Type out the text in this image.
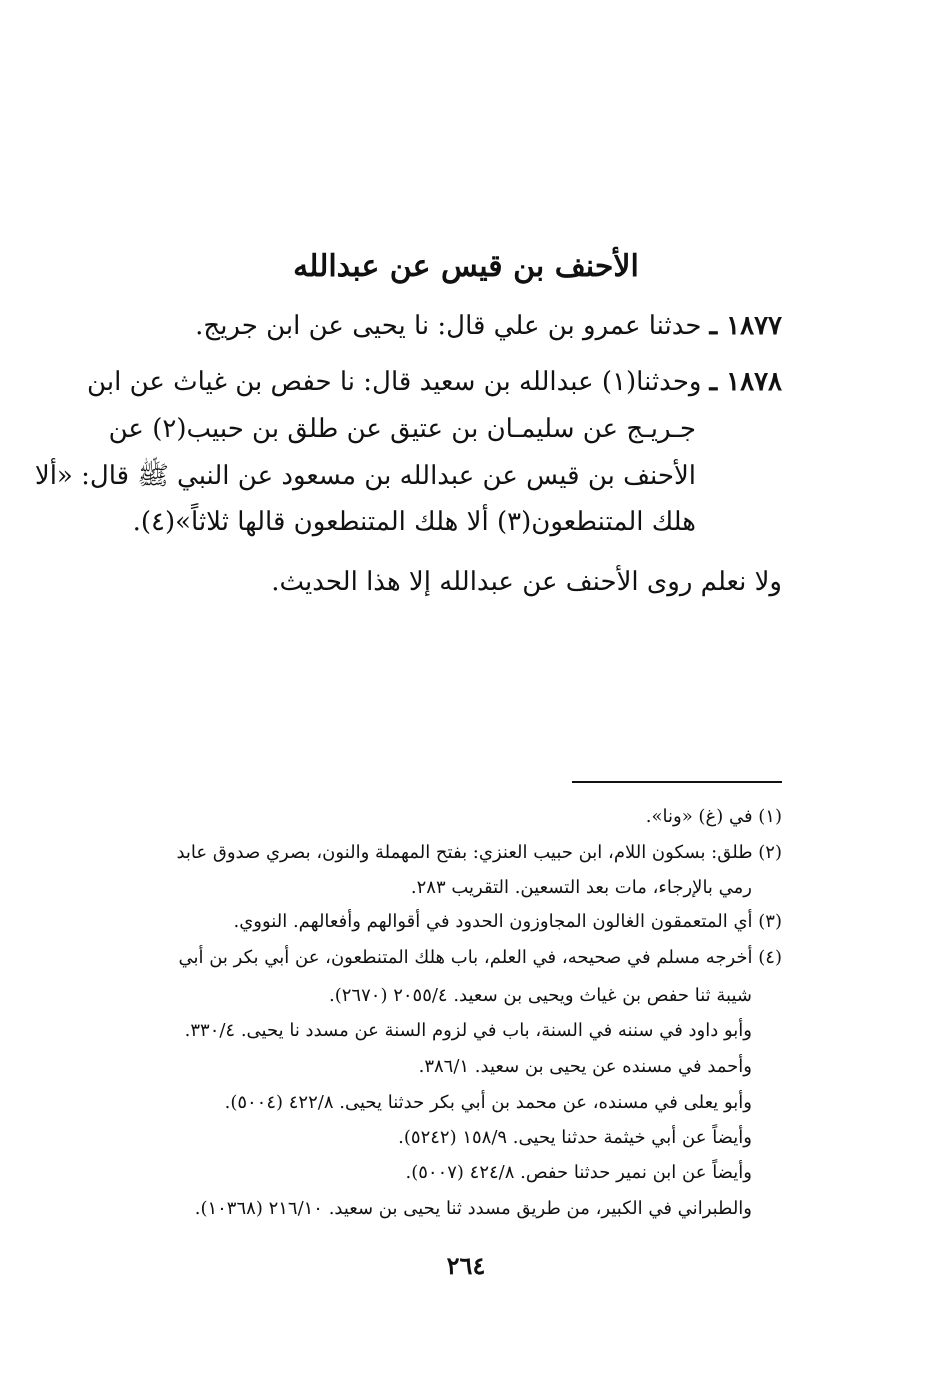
الأحنف بن قيس عن عبدالله
١٨٧٧ ـحدثنا عمرو بن علي قال: نا يحيى عن ابن جريج.
١٨٧٨ ـوحدثنا(١) عبدالله بن سعيد قال: نا حفص بن غياث عن ابن
جـريـج عن سليمـان بن عتيق عن طلق بن حبيب(٢) عن
الأحنف بن قيس عن عبدالله بن مسعود عن النبي ﷺ قال: «ألا
هلك المتنطعون(٣) ألا هلك المتنطعون قالها ثلاثاً»(٤).
ولا نعلم روى الأحنف عن عبدالله إلا هذا الحديث.
(١) في (غ) «ونا».
(٢) طلق: بسكون اللام، ابن حبيب العنزي: بفتح المهملة والنون، بصري صدوق عابد
رمي بالإرجاء، مات بعد التسعين. التقريب ٢٨٣.
(٣) أي المتعمقون الغالون المجاوزون الحدود في أقوالهم وأفعالهم. النووي.
(٤) أخرجه مسلم في صحيحه، في العلم، باب هلك المتنطعون، عن أبي بكر بن أبي
شيبة ثنا حفص بن غياث ويحيى بن سعيد. ٢٠٥٥/٤ (٢٦٧٠).
وأبو داود في سننه في السنة، باب في لزوم السنة عن مسدد نا يحيى. ٣٣٠/٤.
وأحمد في مسنده عن يحيى بن سعيد. ٣٨٦/١.
وأبو يعلى في مسنده، عن محمد بن أبي بكر حدثنا يحيى. ٤٢٢/٨ (٥٠٠٤).
وأيضاً عن أبي خيثمة حدثنا يحيى. ١٥٨/٩ (٥٢٤٢).
وأيضاً عن ابن نمير حدثنا حفص. ٤٢٤/٨ (٥٠٠٧).
والطبراني في الكبير، من طريق مسدد ثنا يحيى بن سعيد. ٢١٦/١٠ (١٠٣٦٨).
٢٦٤
